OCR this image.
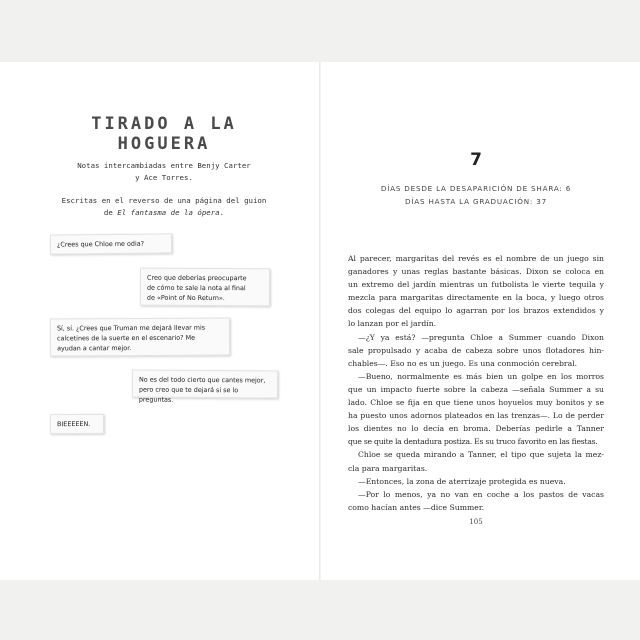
TIRADO A LA HOGUERA
Notas intercambiadas entre Benjy Carter
y Ace Torres.
Escritas en el reverso de una página del guion
de El fantasma de la ópera.
¿Crees que Chloe me odia?
Creo que deberías preocuparte
de cómo te sale la nota al final
de «Point of No Return».
Sí, sí. ¿Crees que Truman me dejará llevar mis
calcetines de la suerte en el escenario? Me
ayudan a cantar mejor.
No es del todo cierto que cantes mejor,
pero creo que te dejará si se lo preguntas.
BIEEEEEN.
7
DÍAS DESDE LA DESAPARICIÓN DE SHARA: 6
DÍAS HASTA LA GRADUACIÓN: 37
Al parecer, margaritas del revés es el nombre de un juego sin
ganadores y unas reglas bastante básicas. Dixon se coloca en
un extremo del jardín mientras un futbolista le vierte tequila y
mezcla para margaritas directamente en la boca, y luego otros
dos colegas del equipo lo agarran por los brazos extendidos y
lo lanzan por el jardín.
—¿Y ya está? —pregunta Chloe a Summer cuando Dixon
sale propulsado y acaba de cabeza sobre unos flotadores hin-
chables—. Eso no es un juego. Es una conmoción cerebral.
—Bueno, normalmente es más bien un golpe en los morros
que un impacto fuerte sobre la cabeza —señala Summer a su
lado. Chloe se fija en que tiene unos hoyuelos muy bonitos y se
ha puesto unos adornos plateados en las trenzas—. Lo de perder
los dientes no lo decía en broma. Deberías pedirle a Tanner
que se quite la dentadura postiza. Es su truco favorito en las fiestas.
Chloe se queda mirando a Tanner, el tipo que sujeta la mez-
cla para margaritas.
—Entonces, la zona de aterrizaje protegida es nueva.
—Por lo menos, ya no van en coche a los pastos de vacas
como hacían antes —dice Summer.
105
